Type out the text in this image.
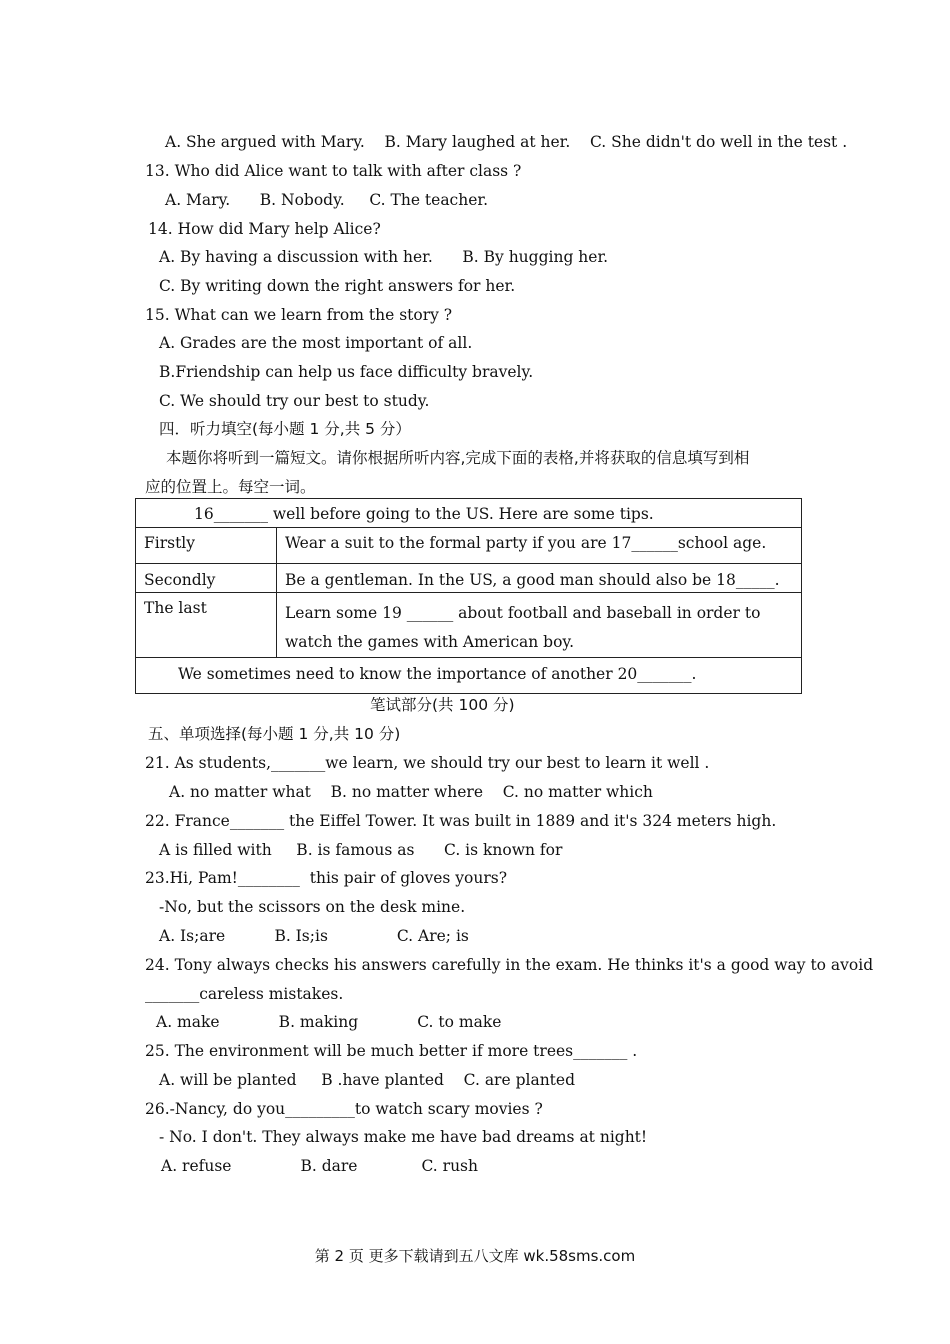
A. She argued with Mary.    B. Mary laughed at her.    C. She didn't do well in the test .
13. Who did Alice want to talk with after class ?
A. Mary.      B. Nobody.     C. The teacher.
14. How did Mary help Alice?
A. By having a discussion with her.      B. By hugging her.
C. By writing down the right answers for her.
15. What can we learn from the story ?
A. Grades are the most important of all.
B.Friendship can help us face difficulty bravely.
C. We should try our best to study.
四．听力填空(每小题 1 分,共 5 分）
本题你将听到一篇短文。请你根据所听内容,完成下面的表格,并将获取的信息填写到相
应的位置上。每空一词。
16_______ well before going to the US. Here are some tips.	
Firstly	Wear a suit to the formal party if you are 17______school age.
Secondly	Be a gentleman. In the US, a good man should also be 18_____.
The last	Learn some 19 ______ about football and baseball in order to watch the games with American boy.
We sometimes need to know the importance of another 20_______.	
笔试部分(共 100 分)
五、单项选择(每小题 1 分,共 10 分)
21. As students,_______we learn, we should try our best to learn it well .
A. no matter what    B. no matter where    C. no matter which
22. France_______ the Eiffel Tower. It was built in 1889 and it's 324 meters high.
A is filled with     B. is famous as      C. is known for
23.Hi, Pam!________  this pair of gloves yours?
-No, but the scissors on the desk mine.
A. Is;are          B. Is;is              C. Are; is
24. Tony always checks his answers carefully in the exam. He thinks it's a good way to avoid
_______careless mistakes.
A. make            B. making            C. to make
25. The environment will be much better if more trees_______ .
A. will be planted     B .have planted    C. are planted
26.-Nancy, do you_________to watch scary movies ?
- No. I don't. They always make me have bad dreams at night!
A. refuse              B. dare             C. rush
第 2 页 更多下载请到五八文库 wk.58sms.com
